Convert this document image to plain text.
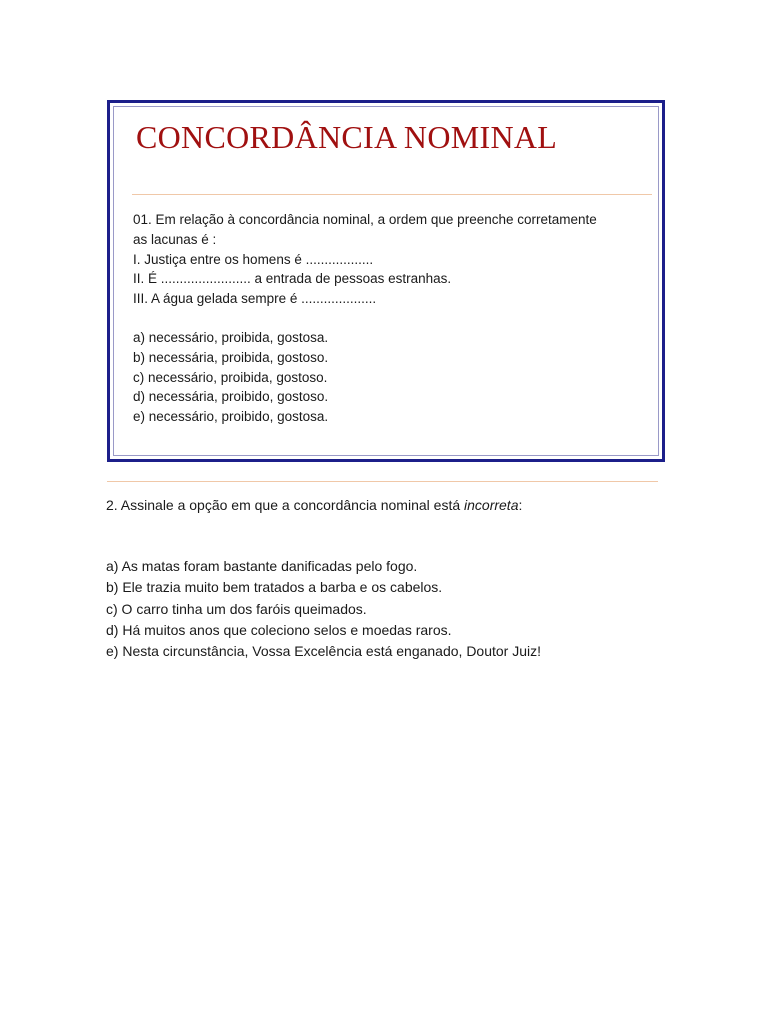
CONCORDÂNCIA NOMINAL
01. Em relação à concordância nominal, a ordem que preenche corretamente
as lacunas é :
I. Justiça entre os homens é ..................
II. É ........................ a entrada de pessoas estranhas.
III. A água gelada sempre é ....................
a) necessário, proibida, gostosa.
b) necessária, proibida, gostoso.
c) necessário, proibida, gostoso.
d) necessária, proibido, gostoso.
e) necessário, proibido, gostosa.
2. Assinale a opção em que a concordância nominal está incorreta:
a) As matas foram bastante danificadas pelo fogo.
b) Ele trazia muito bem tratados a barba e os cabelos.
c) O carro tinha um dos faróis queimados.
d) Há muitos anos que coleciono selos e moedas raros.
e) Nesta circunstância, Vossa Excelência está enganado, Doutor Juiz!
